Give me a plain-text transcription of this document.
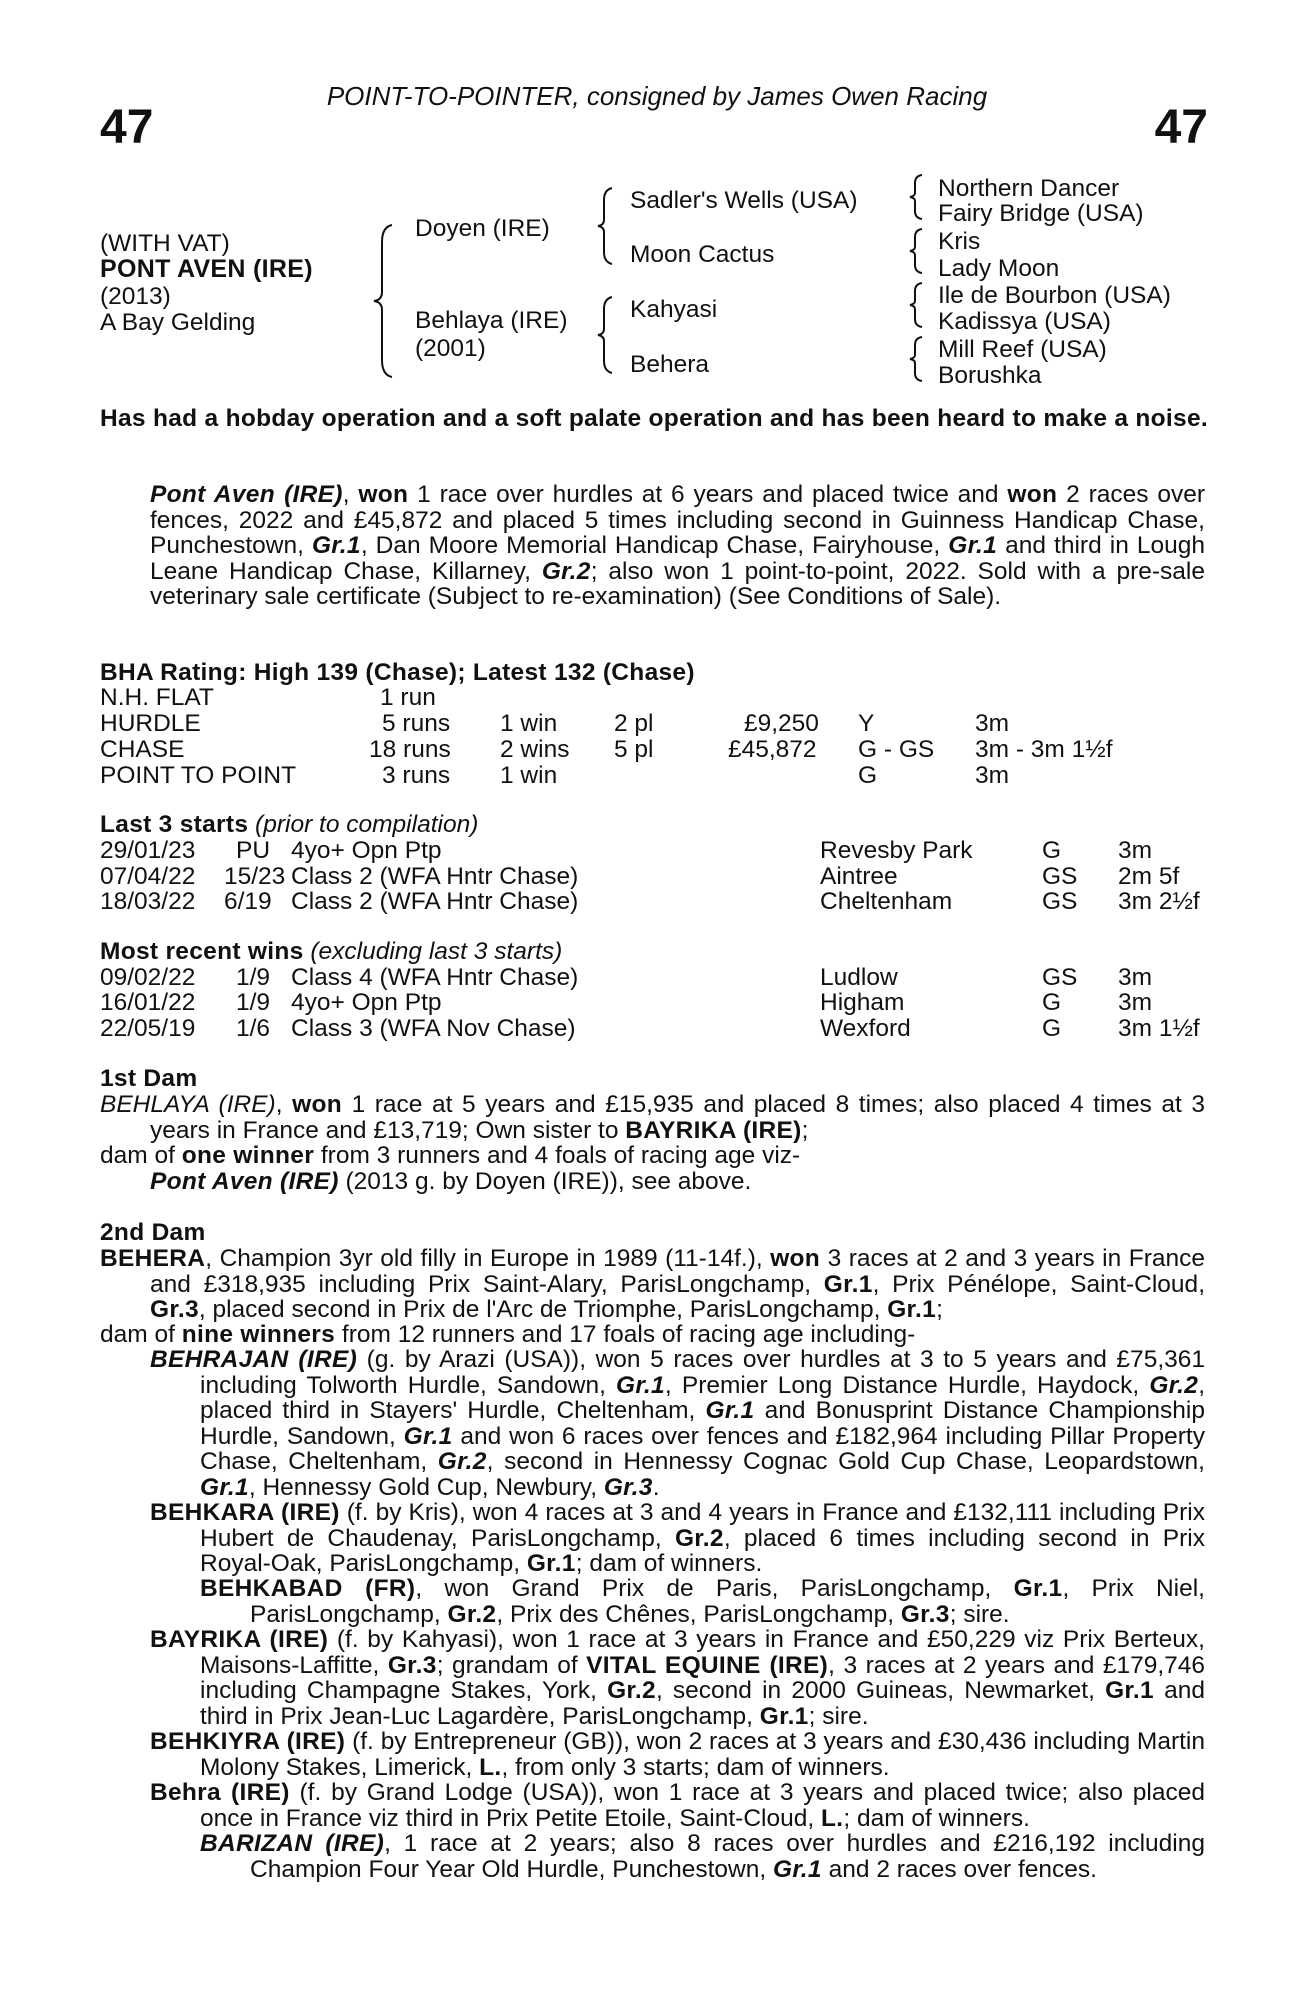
POINT-TO-POINTER, consigned by James Owen Racing
47	47
(WITH VAT)
PONT AVEN (IRE)
(2013)
A Bay Gelding
Doyen (IRE)
Behlaya (IRE)
(2001)
Sadler's Wells (USA)
Moon Cactus
Kahyasi
Behera
Northern Dancer
Fairy Bridge (USA)
Kris
Lady Moon
Ile de Bourbon (USA)
Kadissya (USA)
Mill Reef (USA)
Borushka
Has had a hobday operation and a soft palate operation and has been heard to make a noise.
Pont Aven (IRE), won 1 race over hurdles at 6 years and placed twice and won 2 races over fences, 2022 and £45,872 and placed 5 times including second in Guinness Handicap Chase, Punchestown, Gr.1, Dan Moore Memorial Handicap Chase, Fairyhouse, Gr.1 and third in Lough Leane Handicap Chase, Killarney, Gr.2; also won 1 point-to-point, 2022. Sold with a pre-sale veterinary sale certificate (Subject to re-examination) (See Conditions of Sale).
BHA Rating: High 139 (Chase); Latest 132 (Chase)
N.H. FLAT	1 run
HURDLE	5 runs 1 win 2 pl	£9,250 Y	3m
CHASE	18 runs 2 wins 5 pl	£45,872 G - GS 3m - 3m 1½f
POINT TO POINT	3 runs 1 win	G	3m
Last 3 starts (prior to compilation)
29/01/23 PU 4yo+ Opn Ptp	Revesby Park	G 3m
07/04/22 15/23 Class 2 (WFA Hntr Chase)	Aintree	GS 2m 5f
18/03/22 6/19 Class 2 (WFA Hntr Chase)	Cheltenham	GS 3m 2½f
Most recent wins (excluding last 3 starts)
09/02/22 1/9 Class 4 (WFA Hntr Chase)	Ludlow	GS 3m
16/01/22 1/9 4yo+ Opn Ptp	Higham	G 3m
22/05/19 1/6 Class 3 (WFA Nov Chase)	Wexford	G 3m 1½f
1st Dam
BEHLAYA (IRE), won 1 race at 5 years and £15,935 and placed 8 times; also placed 4 times at 3 years in France and £13,719; Own sister to BAYRIKA (IRE);
dam of one winner from 3 runners and 4 foals of racing age viz-
Pont Aven (IRE) (2013 g. by Doyen (IRE)), see above.
2nd Dam
BEHERA, Champion 3yr old filly in Europe in 1989 (11-14f.), won 3 races at 2 and 3 years in France and £318,935 including Prix Saint-Alary, ParisLongchamp, Gr.1, Prix Pénélope, Saint-Cloud, Gr.3, placed second in Prix de l'Arc de Triomphe, ParisLongchamp, Gr.1;
dam of nine winners from 12 runners and 17 foals of racing age including-
BEHRAJAN (IRE) (g. by Arazi (USA)), won 5 races over hurdles at 3 to 5 years and £75,361 including Tolworth Hurdle, Sandown, Gr.1, Premier Long Distance Hurdle, Haydock, Gr.2, placed third in Stayers' Hurdle, Cheltenham, Gr.1 and Bonusprint Distance Championship Hurdle, Sandown, Gr.1 and won 6 races over fences and £182,964 including Pillar Property Chase, Cheltenham, Gr.2, second in Hennessy Cognac Gold Cup Chase, Leopardstown, Gr.1, Hennessy Gold Cup, Newbury, Gr.3.
BEHKARA (IRE) (f. by Kris), won 4 races at 3 and 4 years in France and £132,111 including Prix Hubert de Chaudenay, ParisLongchamp, Gr.2, placed 6 times including second in Prix Royal-Oak, ParisLongchamp, Gr.1; dam of winners.
BEHKABAD (FR), won Grand Prix de Paris, ParisLongchamp, Gr.1, Prix Niel, ParisLongchamp, Gr.2, Prix des Chênes, ParisLongchamp, Gr.3; sire.
BAYRIKA (IRE) (f. by Kahyasi), won 1 race at 3 years in France and £50,229 viz Prix Berteux, Maisons-Laffitte, Gr.3; grandam of VITAL EQUINE (IRE), 3 races at 2 years and £179,746 including Champagne Stakes, York, Gr.2, second in 2000 Guineas, Newmarket, Gr.1 and third in Prix Jean-Luc Lagardère, ParisLongchamp, Gr.1; sire.
BEHKIYRA (IRE) (f. by Entrepreneur (GB)), won 2 races at 3 years and £30,436 including Martin Molony Stakes, Limerick, L., from only 3 starts; dam of winners.
Behra (IRE) (f. by Grand Lodge (USA)), won 1 race at 3 years and placed twice; also placed once in France viz third in Prix Petite Etoile, Saint-Cloud, L.; dam of winners.
BARIZAN (IRE), 1 race at 2 years; also 8 races over hurdles and £216,192 including Champion Four Year Old Hurdle, Punchestown, Gr.1 and 2 races over fences.
